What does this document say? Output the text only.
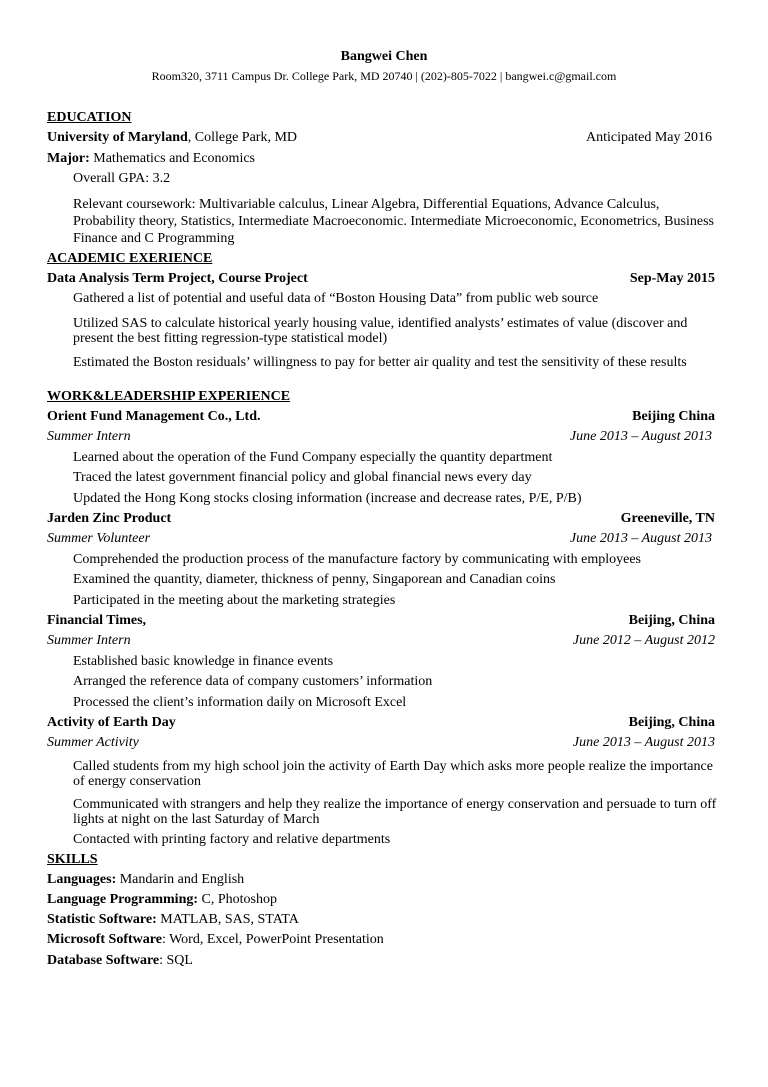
Bangwei Chen
Room320, 3711 Campus Dr. College Park, MD 20740 | (202)-805-7022 | bangwei.c@gmail.com
EDUCATION
University of Maryland, College Park, MD	Anticipated May 2016
Major: Mathematics and Economics
Overall GPA: 3.2
Relevant coursework: Multivariable calculus, Linear Algebra, Differential Equations, Advance Calculus, Probability theory, Statistics, Intermediate Macroeconomic. Intermediate Microeconomic, Econometrics, Business Finance and C Programming
ACADEMIC EXERIENCE
Data Analysis Term Project, Course Project	Sep-May 2015
Gathered a list of potential and useful data of “Boston Housing Data” from public web source
Utilized SAS to calculate historical yearly housing value, identified analysts’ estimates of value (discover and present the best fitting regression-type statistical model)
Estimated the Boston residuals’ willingness to pay for better air quality and test the sensitivity of these results
WORK&LEADERSHIP EXPERIENCE
Orient Fund Management Co., Ltd.	Beijing China
Summer Intern	June 2013 – August 2013
Learned about the operation of the Fund Company especially the quantity department
Traced the latest government financial policy and global financial news every day
Updated the Hong Kong stocks closing information (increase and decrease rates, P/E, P/B)
Jarden Zinc Product	Greeneville, TN
Summer Volunteer	June 2013 – August 2013
Comprehended the production process of the manufacture factory by communicating with employees
Examined the quantity, diameter, thickness of penny, Singaporean and Canadian coins
Participated in the meeting about the marketing strategies
Financial Times,	Beijing, China
Summer Intern	June 2012 – August 2012
Established basic knowledge in finance events
Arranged the reference data of company customers’ information
Processed the client’s information daily on Microsoft Excel
Activity of Earth Day	Beijing, China
Summer Activity	June 2013 – August 2013
Called students from my high school join the activity of Earth Day which asks more people realize the importance of energy conservation
Communicated with strangers and help they realize the importance of energy conservation and persuade to turn off lights at night on the last Saturday of March
Contacted with printing factory and relative departments
SKILLS
Languages: Mandarin and English
Language Programming: C, Photoshop
Statistic Software: MATLAB, SAS, STATA
Microsoft Software: Word, Excel, PowerPoint Presentation
Database Software: SQL
